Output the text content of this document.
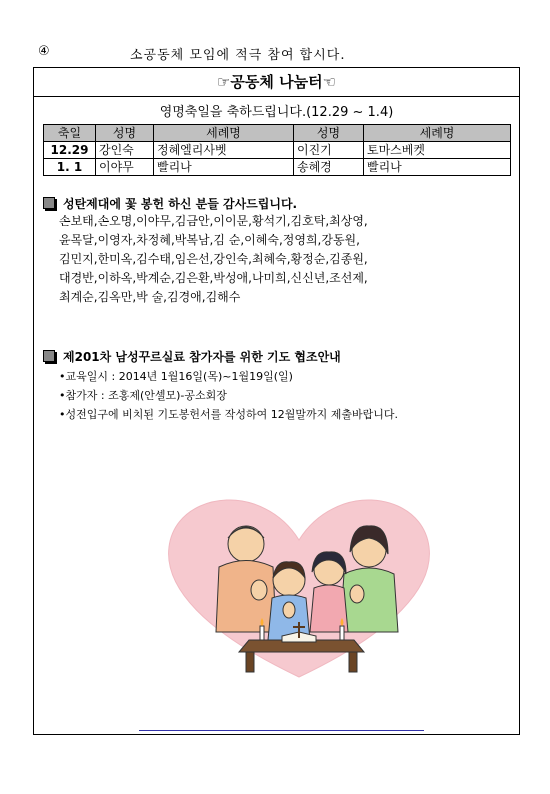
④	소공동체 모임에 적극 참여 합시다.
☞공동체 나눔터☜
영명축일을 축하드립니다.(12.29 ~ 1.4)
축일	성명	세례명	성명	세례명
12.29	강인숙	정혜엘리사벳	이진기	토마스베켓
1. 1	이야무	빨리나	송혜경	빨리나
성탄제대에 꽃 봉헌 하신 분들 감사드립니다.
손보태,손오명,이야무,김금안,이이문,황석기,김호탁,최상영,
윤목달,이영자,차정혜,박복남,김 순,이혜숙,정영희,강동원,
김민지,한미옥,김수태,임은선,강인숙,최혜숙,황정순,김종원,
대경반,이하옥,박계순,김은환,박성애,나미희,신신년,조선제,
최계순,김옥만,박 술,김경애,김해수
제201차 남성꾸르실료 참가자를 위한 기도 협조안내
•교육일시 : 2014년 1월16일(목)~1월19일(일)
•참가자 : 조홍제(안셀모)-공소회장
•성전입구에 비치된 기도봉헌서를 작성하여 12월말까지 제출바랍니다.
